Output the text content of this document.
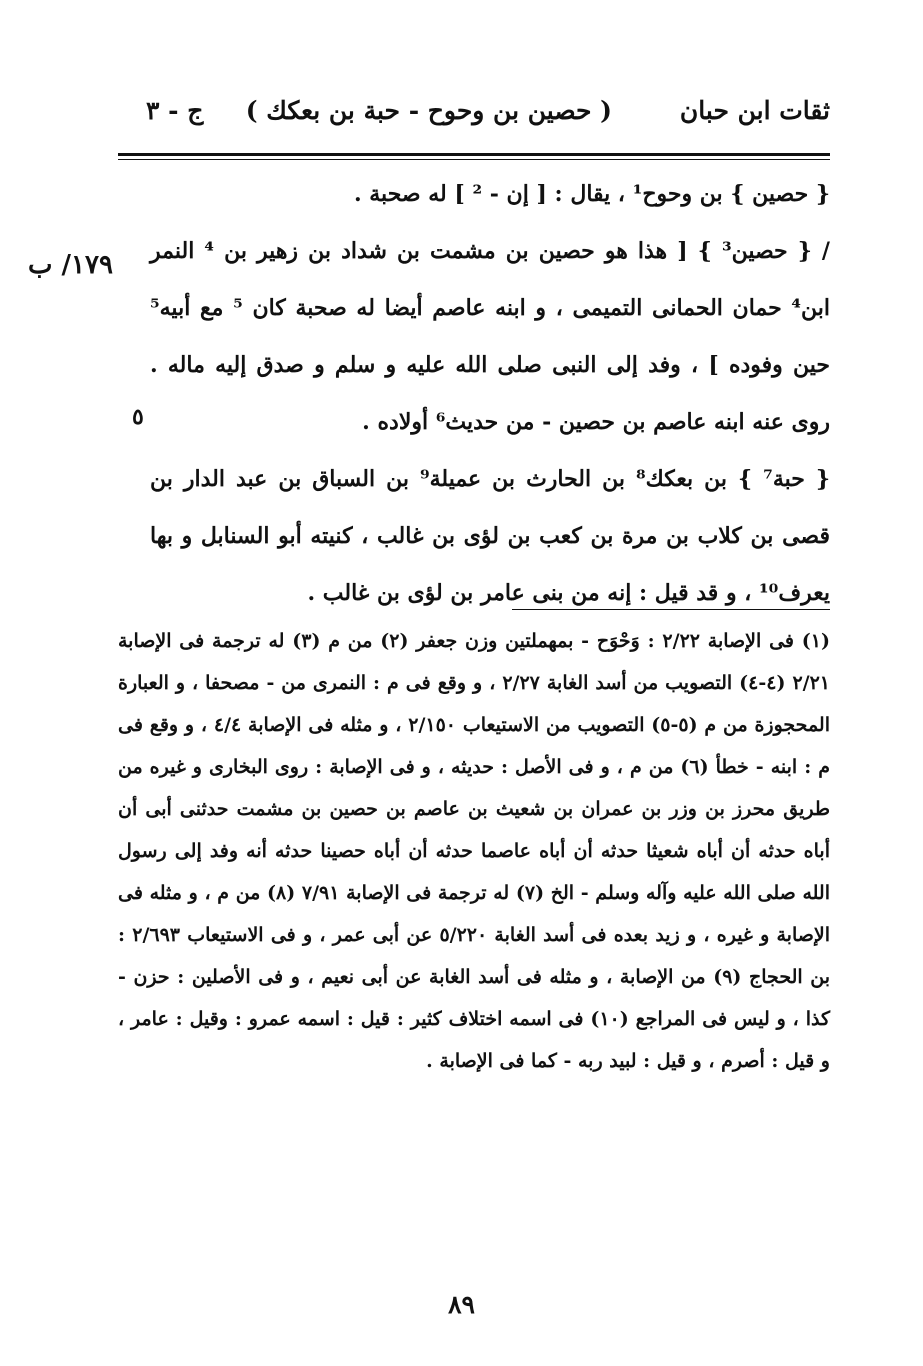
ثقات ابن حبان
( حصين بن وحوح - حبة بن بعكك )
ج - ٣
١٧٩/ ب
٥

{ حصين } بن وحوح¹ ، يقال : [ إن - ² ] له صحبة .

/ { حصين³ } [ هذا هو حصين بن مشمت بن شداد بن زهير بن ⁴ النمر ابن⁴ حمان الحمانى التميمى ، و ابنه عاصم أيضا له صحبة كان ⁵ مع أبيه⁵ حين وفوده ] ، وفد إلى النبى صلى الله عليه و سلم و صدق إليه ماله . روى عنه ابنه عاصم بن حصين - من حديث⁶ أولاده .

{ حبة⁷ } بن بعكك⁸ بن الحارث بن عميلة⁹ بن السباق بن عبد الدار بن قصى بن كلاب بن مرة بن كعب بن لؤى بن غالب ، كنيته أبو السنابل و بها يعرف¹⁰ ، و قد قيل : إنه من بنى عامر بن لؤى بن غالب .

(١) فى الإصابة ٢/٢٢ : وَحْوَح - بمهملتين وزن جعفر (٢) من م (٣) له ترجمة فى الإصابة ٢/٢١ (٤-٤) التصويب من أسد الغابة ٢/٢٧ ، و وقع فى م : النمرى من - مصحفا ، و العبارة المحجوزة من م (٥-٥) التصويب من الاستيعاب ٢/١٥٠ ، و مثله فى الإصابة ٤/٤ ، و وقع فى م : ابنه - خطأ (٦) من م ، و فى الأصل : حديثه ، و فى الإصابة : روى البخارى و غيره من طريق محرز بن وزر بن عمران بن شعيث بن عاصم بن حصين بن مشمت حدثنى أبى أن أباه حدثه أن أباه شعيثا حدثه أن أباه عاصما حدثه أن أباه حصينا حدثه أنه وفد إلى رسول الله صلى الله عليه وآله وسلم - الخ (٧) له ترجمة فى الإصابة ٧/٩١ (٨) من م ، و مثله فى الإصابة و غيره ، و زيد بعده فى أسد الغابة ٥/٢٢٠ عن أبى عمر ، و فى الاستيعاب ٢/٦٩٣ : بن الحجاج (٩) من الإصابة ، و مثله فى أسد الغابة عن أبى نعيم ، و فى الأصلين : حزن - كذا ، و ليس فى المراجع (١٠) فى اسمه اختلاف كثير : قيل : اسمه عمرو : وقيل : عامر ، و قيل : أصرم ، و قيل : لبيد ربه - كما فى الإصابة .

٨٩
